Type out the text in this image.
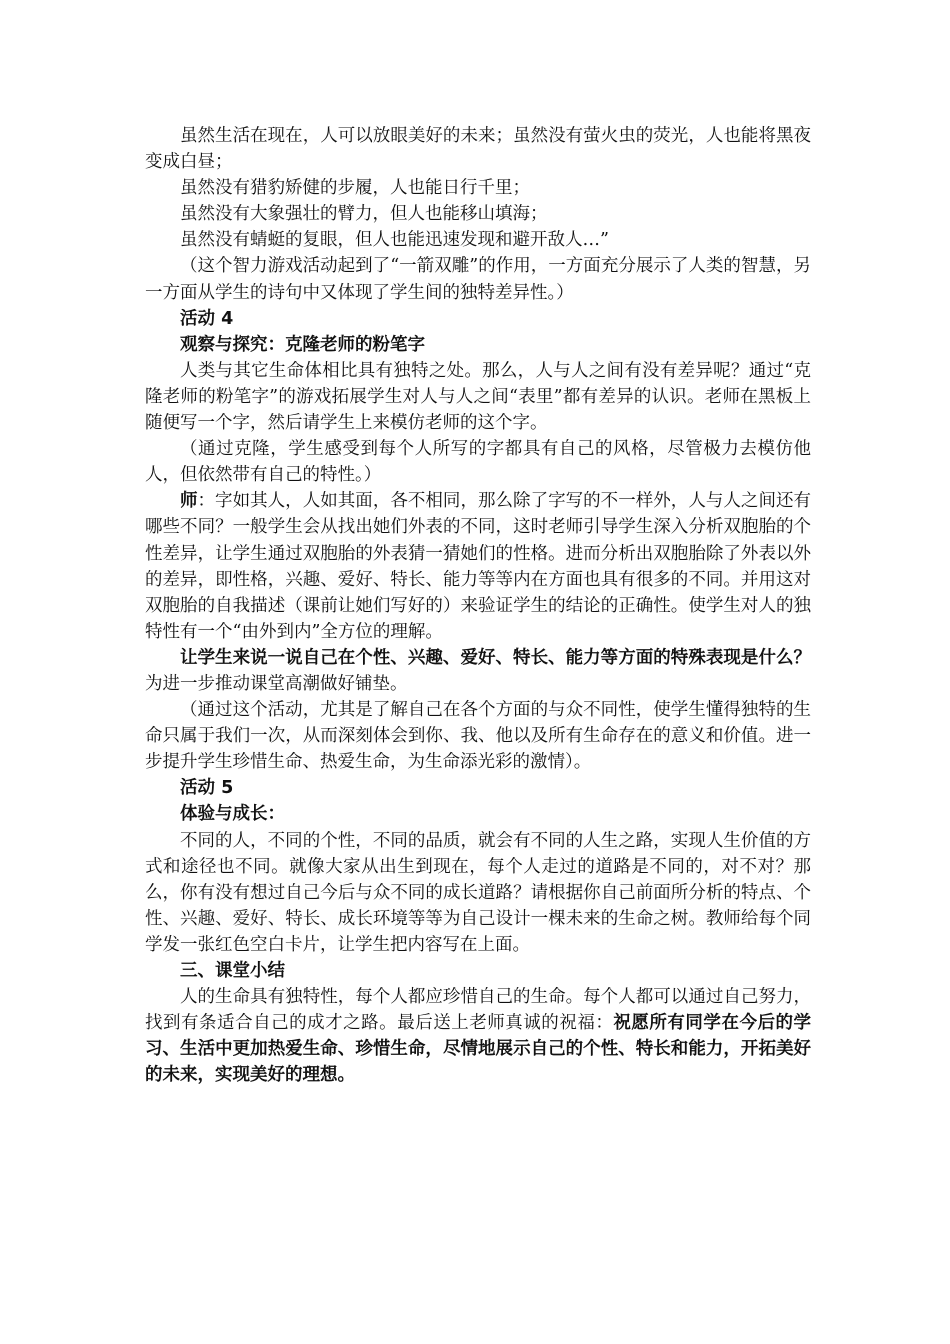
虽然生活在现在，人可以放眼美好的未来；虽然没有萤火虫的荧光，人也能将黑夜变成白昼；

虽然没有猎豹矫健的步履，人也能日行千里；

虽然没有大象强壮的臂力，但人也能移山填海；

虽然没有蜻蜓的复眼，但人也能迅速发现和避开敌人…”

（这个智力游戏活动起到了“一箭双雕”的作用，一方面充分展示了人类的智慧，另一方面从学生的诗句中又体现了学生间的独特差异性。）

活动 4

观察与探究：克隆老师的粉笔字

人类与其它生命体相比具有独特之处。那么，人与人之间有没有差异呢？通过“克隆老师的粉笔字”的游戏拓展学生对人与人之间“表里”都有差异的认识。老师在黑板上随便写一个字，然后请学生上来模仿老师的这个字。

（通过克隆，学生感受到每个人所写的字都具有自己的风格，尽管极力去模仿他人，但依然带有自己的特性。）

师：字如其人，人如其面，各不相同，那么除了字写的不一样外，人与人之间还有哪些不同？一般学生会从找出她们外表的不同，这时老师引导学生深入分析双胞胎的个性差异，让学生通过双胞胎的外表猜一猜她们的性格。进而分析出双胞胎除了外表以外的差异，即性格，兴趣、爱好、特长、能力等等内在方面也具有很多的不同。并用这对双胞胎的自我描述（课前让她们写好的）来验证学生的结论的正确性。使学生对人的独特性有一个“由外到内”全方位的理解。

让学生来说一说自己在个性、兴趣、爱好、特长、能力等方面的特殊表现是什么？为进一步推动课堂高潮做好铺垫。

（通过这个活动，尤其是了解自己在各个方面的与众不同性，使学生懂得独特的生命只属于我们一次，从而深刻体会到你、我、他以及所有生命存在的意义和价值。进一步提升学生珍惜生命、热爱生命，为生命添光彩的激情）。

活动 5

体验与成长：

不同的人，不同的个性，不同的品质，就会有不同的人生之路，实现人生价值的方式和途径也不同。就像大家从出生到现在，每个人走过的道路是不同的，对不对？那么，你有没有想过自己今后与众不同的成长道路？请根据你自己前面所分析的特点、个性、兴趣、爱好、特长、成长环境等等为自己设计一棵未来的生命之树。教师给每个同学发一张红色空白卡片，让学生把内容写在上面。

三、课堂小结

人的生命具有独特性，每个人都应珍惜自己的生命。每个人都可以通过自己努力，找到有条适合自己的成才之路。最后送上老师真诚的祝福：祝愿所有同学在今后的学习、生活中更加热爱生命、珍惜生命，尽情地展示自己的个性、特长和能力，开拓美好的未来，实现美好的理想。
